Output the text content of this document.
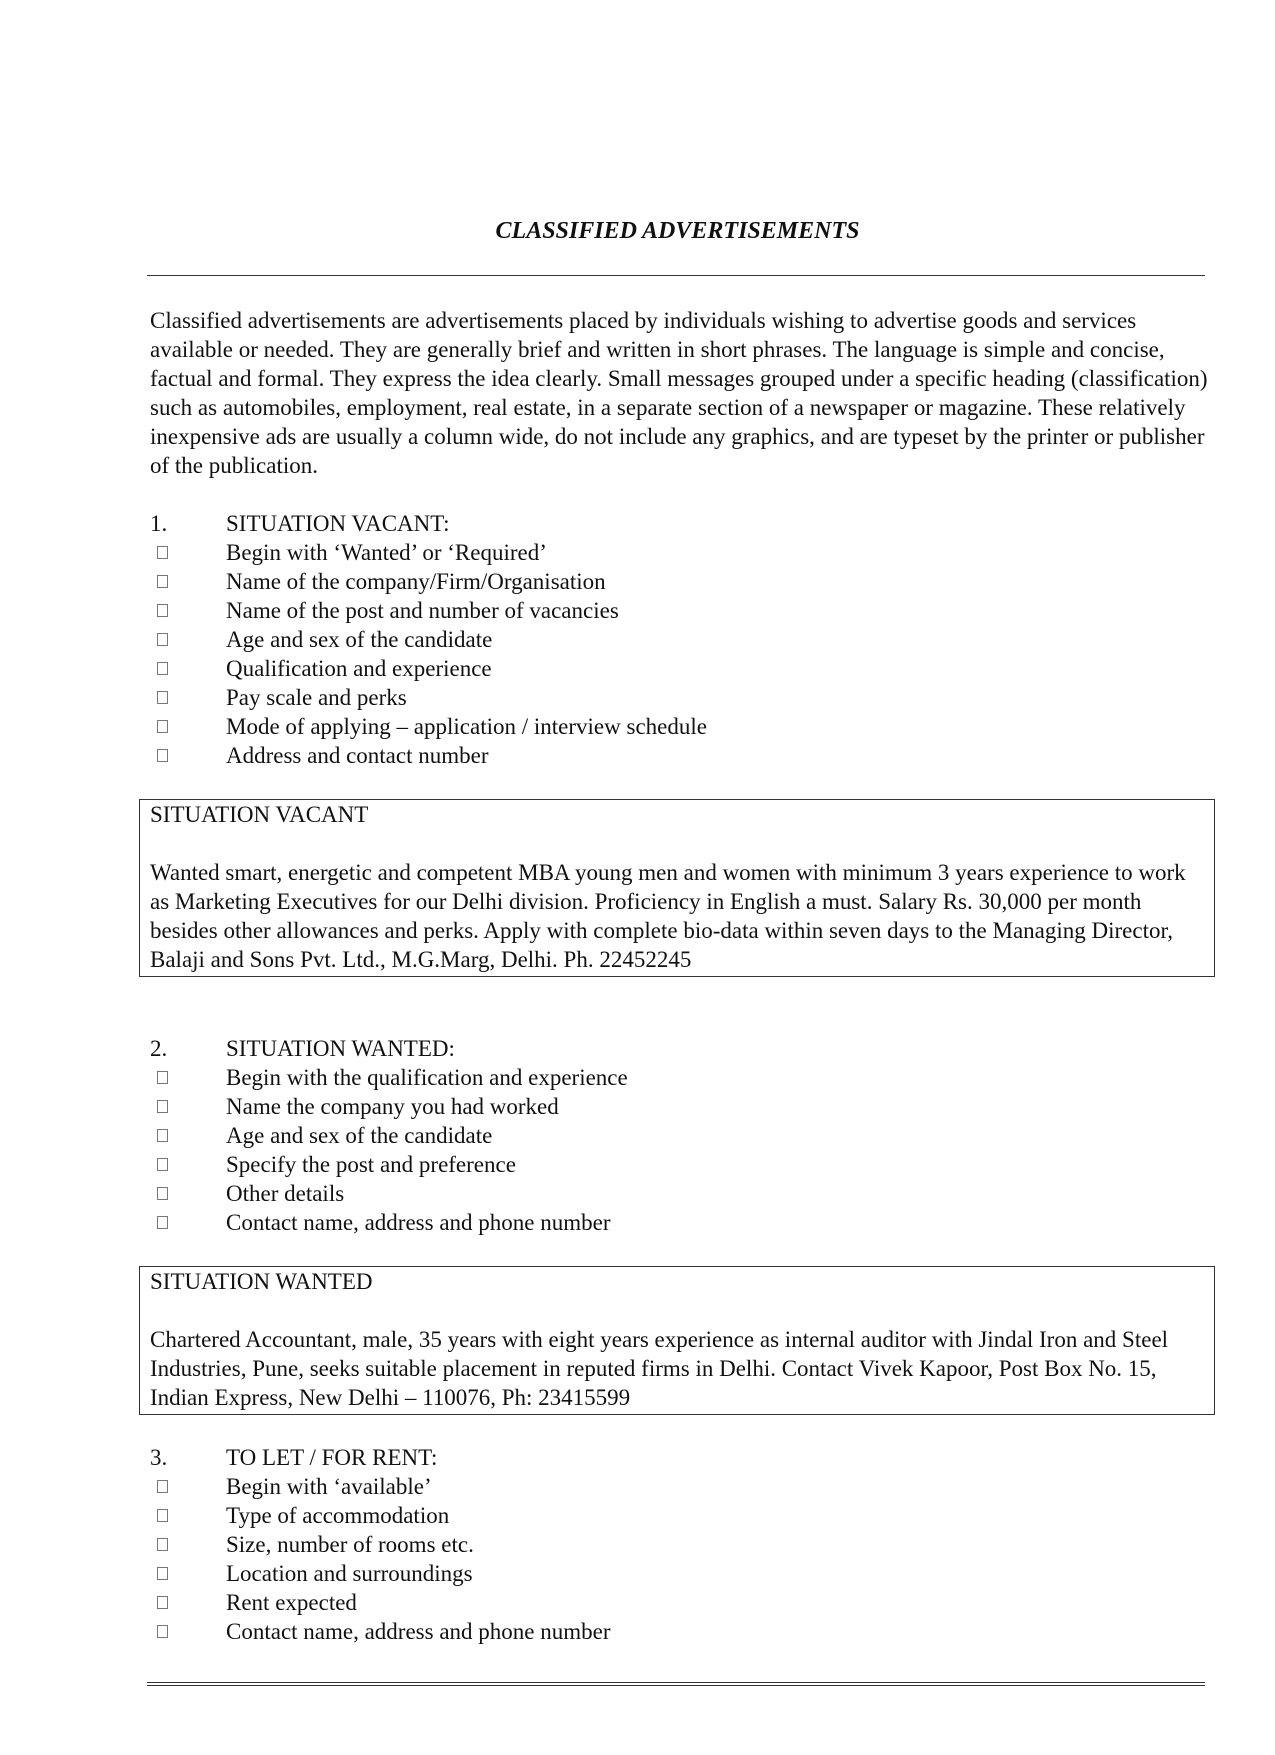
CLASSIFIED ADVERTISEMENTS

Classified advertisements are advertisements placed by individuals wishing to advertise goods and services available or needed. They are generally brief and written in short phrases. The language is simple and concise, factual and formal. They express the idea clearly. Small messages grouped under a specific heading (classification) such as automobiles, employment, real estate, in a separate section of a newspaper or magazine. These relatively inexpensive ads are usually a column wide, do not include any graphics, and are typeset by the printer or publisher of the publication.

1.	SITUATION VACANT:

Begin with ‘Wanted’ or ‘Required’
Name of the company/Firm/Organisation
Name of the post and number of vacancies
Age and sex of the candidate
Qualification and experience
Pay scale and perks
Mode of applying – application / interview schedule
Address and contact number

SITUATION VACANT

Wanted smart, energetic and competent MBA young men and women with minimum 3 years experience to work as Marketing Executives for our Delhi division. Proficiency in English a must. Salary Rs. 30,000 per month besides other allowances and perks. Apply with complete bio-data within seven days to the Managing Director, Balaji and Sons Pvt. Ltd., M.G.Marg, Delhi. Ph. 22452245

2.	SITUATION WANTED:

Begin with the qualification and experience
Name the company you had worked
Age and sex of the candidate
Specify the post and preference
Other details
Contact name, address and phone number

SITUATION WANTED

Chartered Accountant, male, 35 years with eight years experience as internal auditor with Jindal Iron and Steel Industries, Pune, seeks suitable placement in reputed firms in Delhi. Contact Vivek Kapoor, Post Box No. 15, Indian Express, New Delhi – 110076, Ph: 23415599

3.	TO LET / FOR RENT:

Begin with ‘available’
Type of accommodation
Size, number of rooms etc.
Location and surroundings
Rent expected
Contact name, address and phone number
